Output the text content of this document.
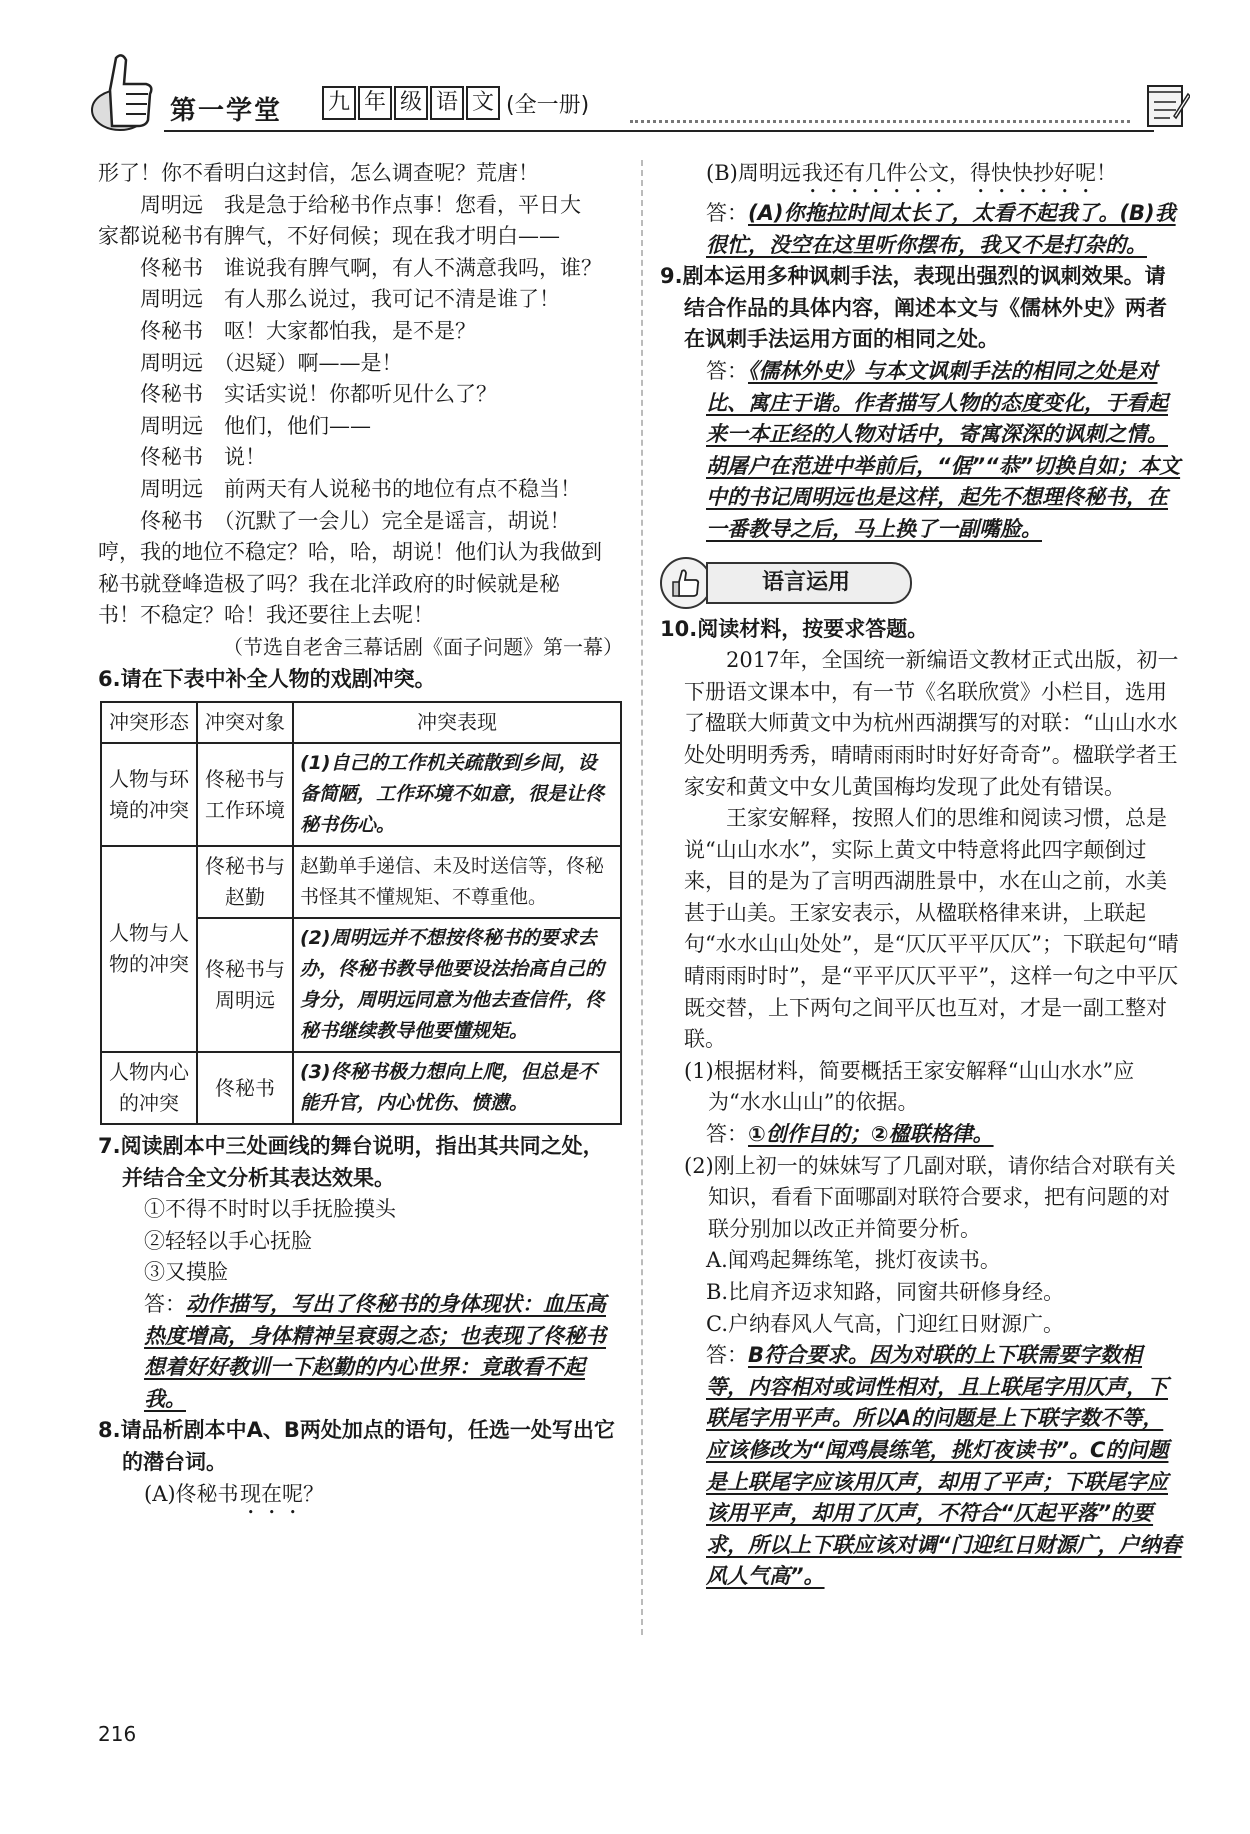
第一学堂 九 年 级 语 文 (全一册)

形了！你不看明白这封信，怎么调查呢？荒唐！

　　周明远　我是急于给秘书作点事！您看，平日大

家都说秘书有脾气，不好伺候；现在我才明白——

　　佟秘书　谁说我有脾气啊，有人不满意我吗，谁？

　　周明远　有人那么说过，我可记不清是谁了！

　　佟秘书　呕！大家都怕我，是不是？

　　周明远　（迟疑）啊——是！

　　佟秘书　实话实说！你都听见什么了？

　　周明远　他们，他们——

　　佟秘书　说！

　　周明远　前两天有人说秘书的地位有点不稳当！

　　佟秘书　（沉默了一会儿）完全是谣言，胡说！

哼，我的地位不稳定？哈，哈，胡说！他们认为我做到

秘书就登峰造极了吗？我在北洋政府的时候就是秘

书！不稳定？哈！我还要往上去呢！

（节选自老舍三幕话剧《面子问题》第一幕）

6.请在下表中补全人物的戏剧冲突。

冲突形态	冲突对象	冲突表现
人物与环境的冲突	佟秘书与工作环境	(1)自己的工作机关疏散到乡间，设备简陋，工作环境不如意，很是让佟秘书伤心。
人物与人物的冲突	佟秘书与赵勤	赵勤单手递信、未及时送信等，佟秘书怪其不懂规矩、不尊重他。
	佟秘书与周明远	(2)周明远并不想按佟秘书的要求去办，佟秘书教导他要设法抬高自己的身分，周明远同意为他去查信件，佟秘书继续教导他要懂规矩。
人物内心的冲突	佟秘书	(3)佟秘书极力想向上爬，但总是不能升官，内心忧伤、愤懑。

7.阅读剧本中三处画线的舞台说明，指出其共同之处，并结合全文分析其表达效果。

①不得不时时以手抚脸摸头

②轻轻以手心抚脸

③又摸脸

答：动作描写，写出了佟秘书的身体现状：血压高热度增高，身体精神呈衰弱之态；也表现了佟秘书想着好好教训一下赵勤的内心世界：竟敢看不起我。

8.请品析剧本中A、B两处加点的语句，任选一处写出它的潜台词。

(A)佟秘书现在呢？

(B)周明远我还有几件公文，得快快抄好呢！

答：(A)你拖拉时间太长了，太看不起我了。(B)我很忙，没空在这里听你摆布，我又不是打杂的。

9.剧本运用多种讽刺手法，表现出强烈的讽刺效果。请结合作品的具体内容，阐述本文与《儒林外史》两者在讽刺手法运用方面的相同之处。

答：《儒林外史》与本文讽刺手法的相同之处是对比、寓庄于谐。作者描写人物的态度变化，于看起来一本正经的人物对话中，寄寓深深的讽刺之情。胡屠户在范进中举前后，“倨”“恭”切换自如；本文中的书记周明远也是这样，起先不想理佟秘书，在一番教导之后，马上换了一副嘴脸。

语言运用

10.阅读材料，按要求答题。

2017年，全国统一新编语文教材正式出版，初一下册语文课本中，有一节《名联欣赏》小栏目，选用了楹联大师黄文中为杭州西湖撰写的对联：“山山水水处处明明秀秀，晴晴雨雨时时好好奇奇”。楹联学者王家安和黄文中女儿黄国梅均发现了此处有错误。

王家安解释，按照人们的思维和阅读习惯，总是说“山山水水”，实际上黄文中特意将此四字颠倒过来，目的是为了言明西湖胜景中，水在山之前，水美甚于山美。王家安表示，从楹联格律来讲，上联起句“水水山山处处”，是“仄仄平平仄仄”；下联起句“晴晴雨雨时时”，是“平平仄仄平平”，这样一句之中平仄既交替，上下两句之间平仄也互对，才是一副工整对联。

(1)根据材料，简要概括王家安解释“山山水水”应为“水水山山”的依据。

答：①创作目的；②楹联格律。

(2)刚上初一的妹妹写了几副对联，请你结合对联有关知识，看看下面哪副对联符合要求，把有问题的对联分别加以改正并简要分析。

A.闻鸡起舞练笔，挑灯夜读书。

B.比肩齐迈求知路，同窗共研修身经。

C.户纳春风人气高，门迎红日财源广。

答：B符合要求。因为对联的上下联需要字数相等，内容相对或词性相对，且上联尾字用仄声，下联尾字用平声。所以A的问题是上下联字数不等，应该修改为“闻鸡晨练笔，挑灯夜读书”。C的问题是上联尾字应该用仄声，却用了平声；下联尾字应该用平声，却用了仄声，不符合“仄起平落”的要求，所以上下联应该对调“门迎红日财源广，户纳春风人气高”。

216
